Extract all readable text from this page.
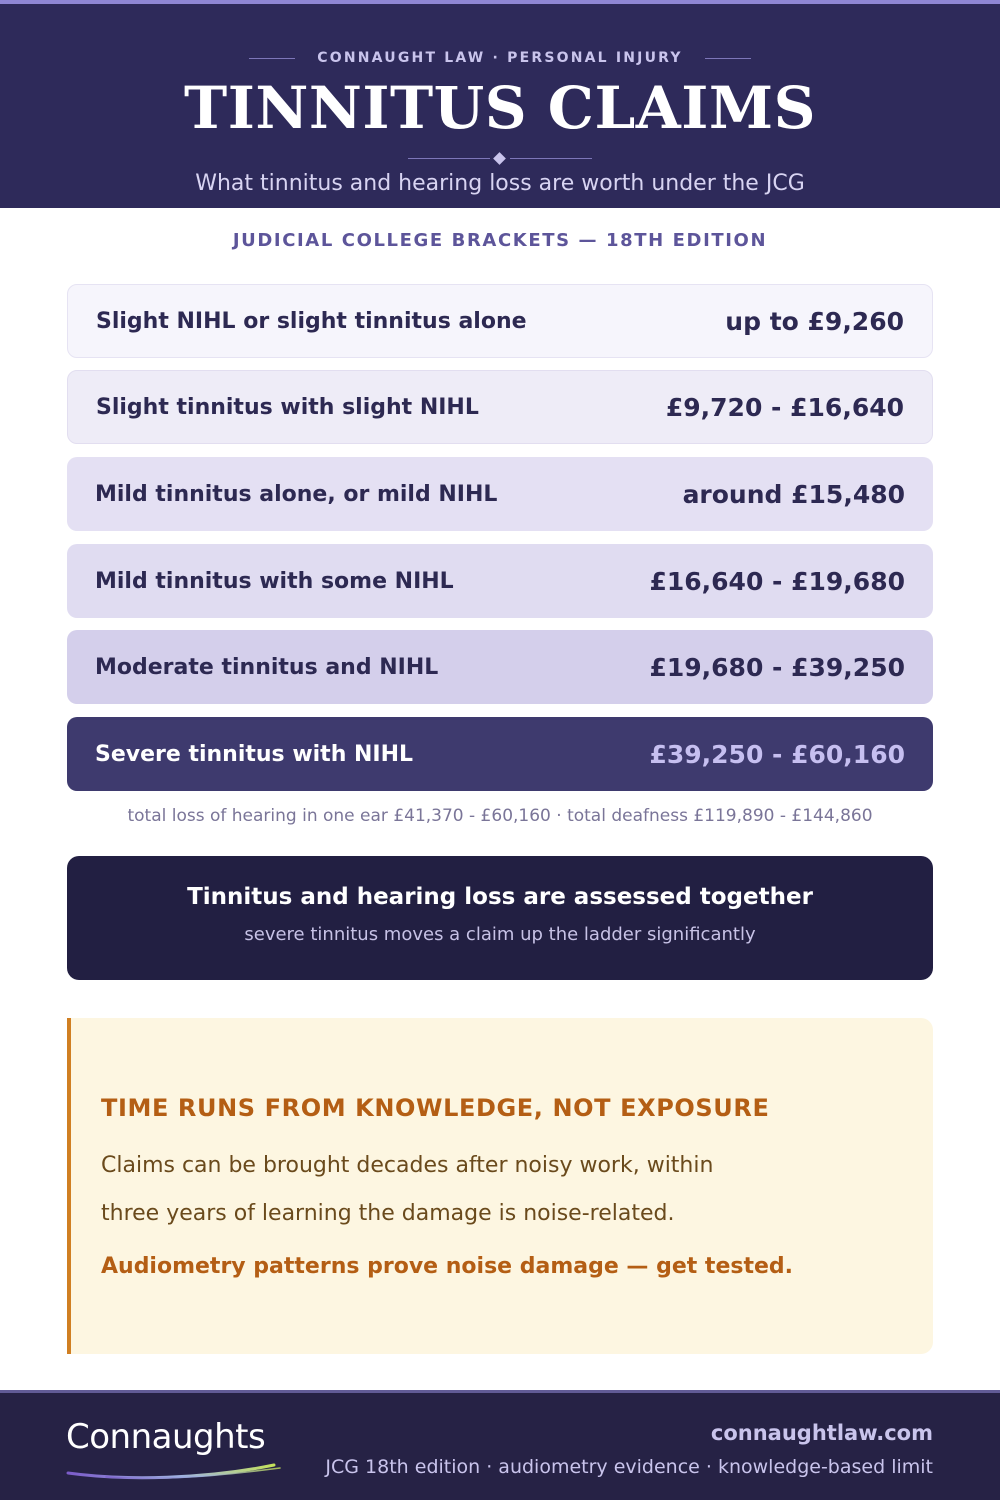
CONNAUGHT LAW · PERSONAL INJURY
TINNITUS CLAIMS
What tinnitus and hearing loss are worth under the JCG
JUDICIAL COLLEGE BRACKETS — 18TH EDITION
Slight NIHL or slight tinnitus alone	up to £9,260
Slight tinnitus with slight NIHL	£9,720 - £16,640
Mild tinnitus alone, or mild NIHL	around £15,480
Mild tinnitus with some NIHL	£16,640 - £19,680
Moderate tinnitus and NIHL	£19,680 - £39,250
Severe tinnitus with NIHL	£39,250 - £60,160
total loss of hearing in one ear £41,370 - £60,160 · total deafness £119,890 - £144,860
Tinnitus and hearing loss are assessed together
severe tinnitus moves a claim up the ladder significantly
TIME RUNS FROM KNOWLEDGE, NOT EXPOSURE
Claims can be brought decades after noisy work, within
three years of learning the damage is noise-related.
Audiometry patterns prove noise damage — get tested.
Connaughts	connaughtlaw.com
JCG 18th edition · audiometry evidence · knowledge-based limit
